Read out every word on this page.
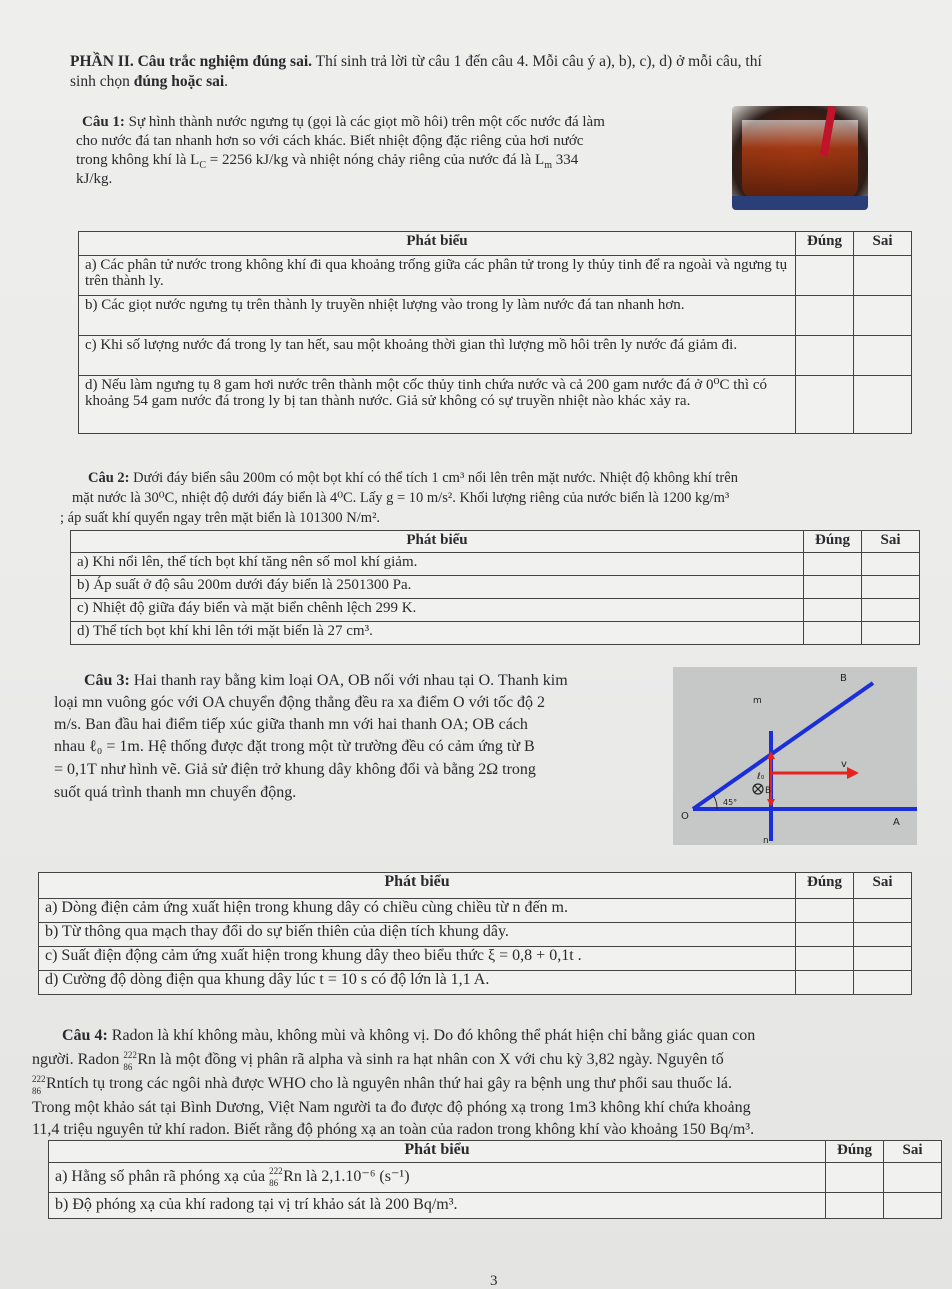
PHẦN II. Câu trắc nghiệm đúng sai. Thí sinh trả lời từ câu 1 đến câu 4. Mỗi câu ý a), b), c), d) ở mỗi câu, thí
sinh chọn đúng hoặc sai.
Câu 1: Sự hình thành nước ngưng tụ (gọi là các giọt mồ hôi) trên một cốc nước đá làm
cho nước đá tan nhanh hơn so với cách khác. Biết nhiệt động đặc riêng của hơi nước
trong không khí là $L_C = 2256$ kJ/kg và nhiệt nóng chảy riêng của nước đá là $L_m$ 334
kJ/kg.
Phát biểu	Đúng	Sai
a) Các phân tử nước trong không khí đi qua khoảng trống giữa các phân tử trong ly thủy tinh để ra ngoài và ngưng tụ trên thành ly.		
b) Các giọt nước ngưng tụ trên thành ly truyền nhiệt lượng vào trong ly làm nước đá tan nhanh hơn.		
c) Khi số lượng nước đá trong ly tan hết, sau một khoảng thời gian thì lượng mồ hôi trên ly nước đá giảm đi.		
d) Nếu làm ngưng tụ 8 gam hơi nước trên thành một cốc thủy tinh chứa nước và cả 200 gam nước đá ở 0⁰C thì có khoảng 54 gam nước đá trong ly bị tan thành nước. Giả sử không có sự truyền nhiệt nào khác xảy ra.		
Câu 2: Dưới đáy biển sâu 200m có một bọt khí có thể tích 1 cm³ nổi lên trên mặt nước. Nhiệt độ không khí trên
mặt nước là 30⁰C, nhiệt độ dưới đáy biển là 4⁰C. Lấy g = 10 m/s². Khối lượng riêng của nước biển là 1200 kg/m³
; áp suất khí quyển ngay trên mặt biển là 101300 N/m².
Phát biểu	Đúng	Sai
a) Khi nổi lên, thể tích bọt khí tăng nên số mol khí giảm.		
b) Áp suất ở độ sâu 200m dưới đáy biển là 2501300 Pa.		
c) Nhiệt độ giữa đáy biển và mặt biển chênh lệch 299 K.		
d) Thể tích bọt khí khi lên tới mặt biển là 27 cm³.		
Câu 3: Hai thanh ray bằng kim loại OA, OB nối với nhau tại O. Thanh kim
loại mn vuông góc với OA chuyển động thẳng đều ra xa điểm O với tốc độ 2
m/s. Ban đầu hai điểm tiếp xúc giữa thanh mn với hai thanh OA; OB cách
nhau ℓ₀ = 1m. Hệ thống được đặt trong một từ trường đều có cảm ứng từ B
= 0,1T như hình vẽ. Giả sử điện trở khung dây không đổi và bằng 2Ω trong
suốt quá trình thanh mn chuyển động.
B
m
v
ℓ₀
B
45°
O
A
n
Phát biểu	Đúng	Sai
a) Dòng điện cảm ứng xuất hiện trong khung dây có chiều cùng chiều từ n đến m.		
b) Từ thông qua mạch thay đổi do sự biến thiên của diện tích khung dây.		
c) Suất điện động cảm ứng xuất hiện trong khung dây theo biểu thức ξ = 0,8 + 0,1t .		
d) Cường độ dòng điện qua khung dây lúc t = 10 s có độ lớn là 1,1 A.		
Câu 4: Radon là khí không màu, không mùi và không vị. Do đó không thể phát hiện chỉ bằng giác quan con
người. Radon 222
86 Rn là một đồng vị phân rã alpha và sinh ra hạt nhân con X với chu kỳ 3,82 ngày. Nguyên tố
222
86 Rntích tụ trong các ngôi nhà được WHO cho là nguyên nhân thứ hai gây ra bệnh ung thư phổi sau thuốc lá.
Trong một khảo sát tại Bình Dương, Việt Nam người ta đo được độ phóng xạ trong 1m3 không khí chứa khoảng
11,4 triệu nguyên tử khí radon. Biết rằng độ phóng xạ an toàn của radon trong không khí vào khoảng 150 Bq/m³.
Phát biểu	Đúng	Sai
a) Hằng số phân rã phóng xạ của 222
86 Rn là 2,1.10⁻⁶ (s⁻¹)		
b) Độ phóng xạ của khí radong tại vị trí khảo sát là 200 Bq/m³.		
3
